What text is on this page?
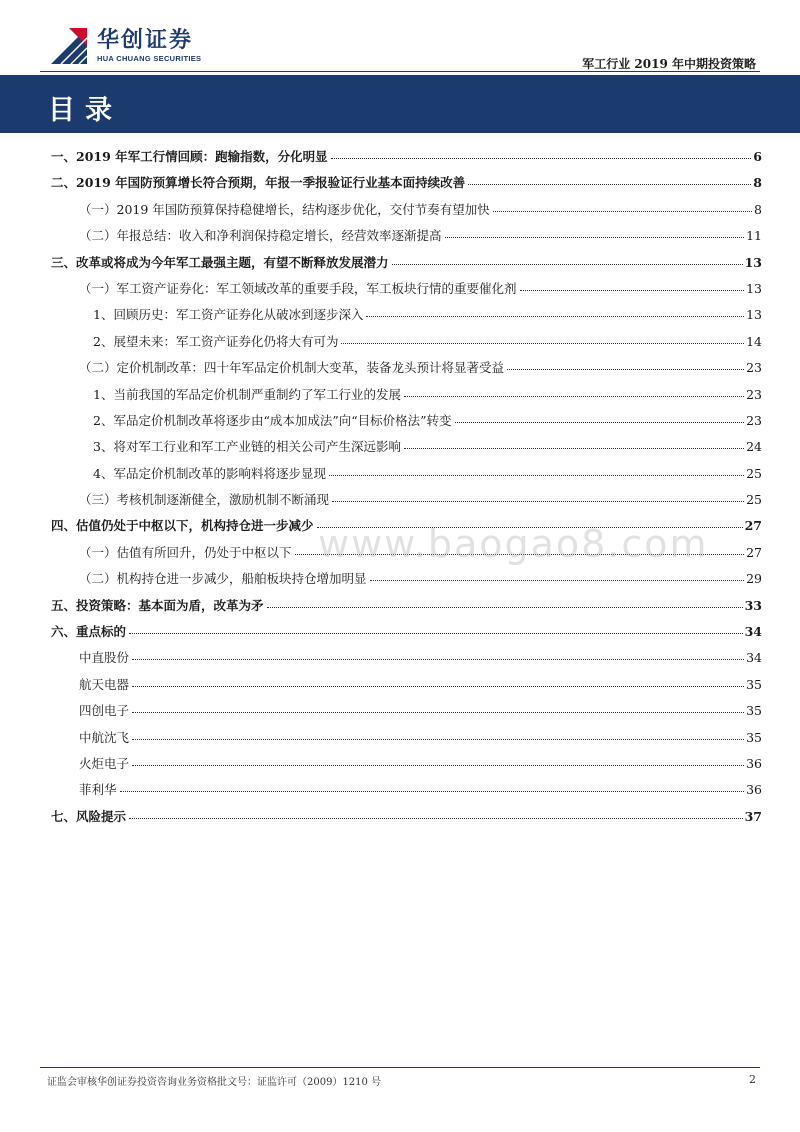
华创证券
HUA CHUANG SECURITIES	军工行业 2019 年中期投资策略
目录
一、2019 年军工行情回顾：跑输指数，分化明显	6
二、2019 年国防预算增长符合预期，年报一季报验证行业基本面持续改善	8
（一）2019 年国防预算保持稳健增长，结构逐步优化，交付节奏有望加快	8
（二）年报总结：收入和净利润保持稳定增长，经营效率逐渐提高	11
三、改革或将成为今年军工最强主题，有望不断释放发展潜力	13
（一）军工资产证券化：军工领域改革的重要手段，军工板块行情的重要催化剂	13
1、回顾历史：军工资产证券化从破冰到逐步深入	13
2、展望未来：军工资产证券化仍将大有可为	14
（二）定价机制改革：四十年军品定价机制大变革，装备龙头预计将显著受益	23
1、当前我国的军品定价机制严重制约了军工行业的发展	23
2、军品定价机制改革将逐步由“成本加成法”向“目标价格法”转变	23
3、将对军工行业和军工产业链的相关公司产生深远影响	24
4、军品定价机制改革的影响料将逐步显现	25
（三）考核机制逐渐健全，激励机制不断涌现	25
四、估值仍处于中枢以下，机构持仓进一步减少	27
（一）估值有所回升，仍处于中枢以下	27
（二）机构持仓进一步减少，船舶板块持仓增加明显	29
五、投资策略：基本面为盾，改革为矛	33
六、重点标的	34
中直股份	34
航天电器	35
四创电子	35
中航沈飞	35
火炬电子	36
菲利华	36
七、风险提示	37
www.baogao8.com
证监会审核华创证券投资咨询业务资格批文号：证监许可（2009）1210 号	2
